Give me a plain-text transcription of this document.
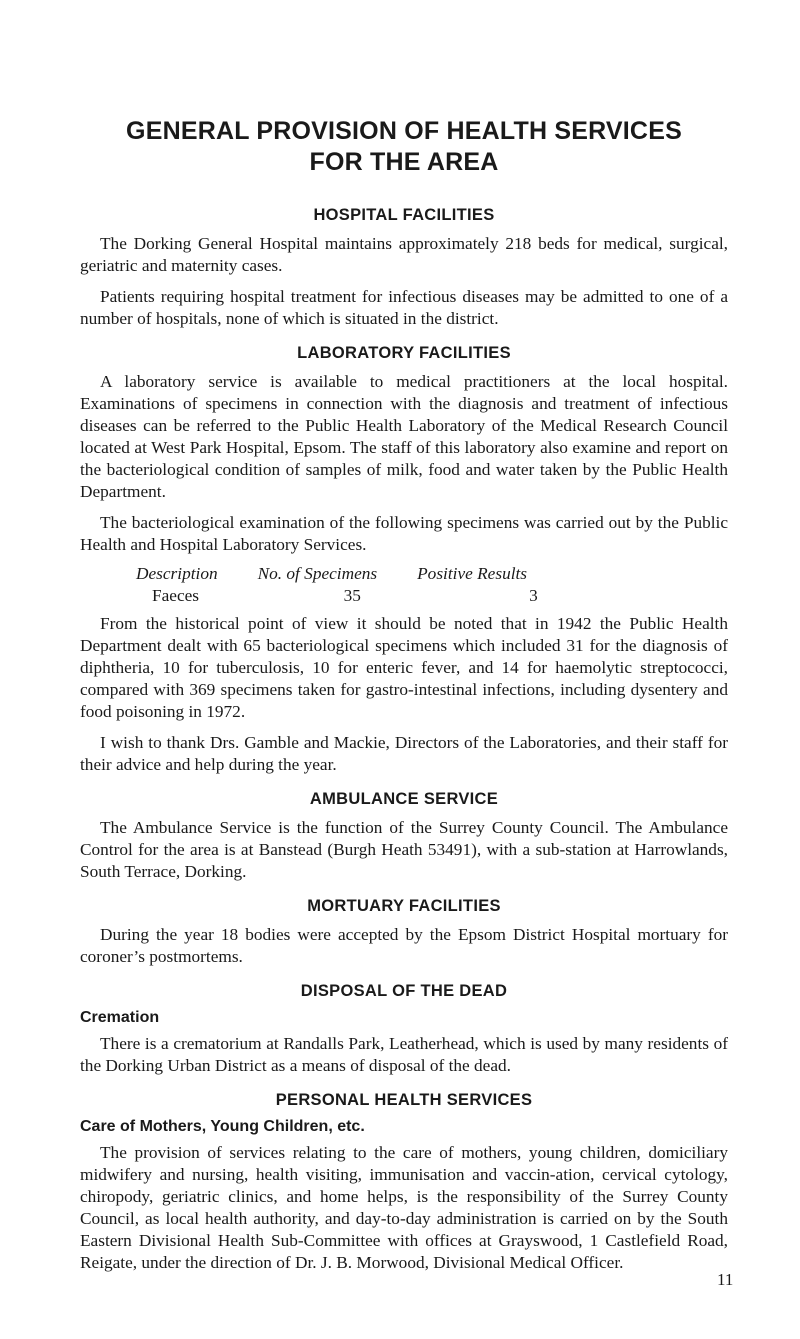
GENERAL PROVISION OF HEALTH SERVICES
FOR THE AREA
HOSPITAL FACILITIES

The Dorking General Hospital maintains approximately 218 beds for medical, surgical, geriatric and maternity cases.

Patients requiring hospital treatment for infectious diseases may be admitted to one of a number of hospitals, none of which is situated in the district.

LABORATORY FACILITIES

A laboratory service is available to medical practitioners at the local hospital. Examinations of specimens in connection with the diagnosis and treatment of infectious diseases can be referred to the Public Health Laboratory of the Medical Research Council located at West Park Hospital, Epsom. The staff of this laboratory also examine and report on the bacteriological condition of samples of milk, food and water taken by the Public Health Department.

The bacteriological examination of the following specimens was carried out by the Public Health and Hospital Laboratory Services.

Description	No. of Specimens	Positive Results
Faeces	35	3

From the historical point of view it should be noted that in 1942 the Public Health Department dealt with 65 bacteriological specimens which included 31 for the diagnosis of diphtheria, 10 for tuberculosis, 10 for enteric fever, and 14 for haemolytic streptococci, compared with 369 specimens taken for gastro-intestinal infections, including dysentery and food poisoning in 1972.

I wish to thank Drs. Gamble and Mackie, Directors of the Laboratories, and their staff for their advice and help during the year.

AMBULANCE SERVICE

The Ambulance Service is the function of the Surrey County Council. The Ambulance Control for the area is at Banstead (Burgh Heath 53491), with a sub-station at Harrowlands, South Terrace, Dorking.

MORTUARY FACILITIES

During the year 18 bodies were accepted by the Epsom District Hospital mortuary for coroner’s postmortems.

DISPOSAL OF THE DEAD
Cremation

There is a crematorium at Randalls Park, Leatherhead, which is used by many residents of the Dorking Urban District as a means of disposal of the dead.

PERSONAL HEALTH SERVICES
Care of Mothers, Young Children, etc.

The provision of services relating to the care of mothers, young children, domiciliary midwifery and nursing, health visiting, immunisation and vaccin-ation, cervical cytology, chiropody, geriatric clinics, and home helps, is the responsibility of the Surrey County Council, as local health authority, and day-to-day administration is carried on by the South Eastern Divisional Health Sub-Committee with offices at Grayswood, 1 Castlefield Road, Reigate, under the direction of Dr. J. B. Morwood, Divisional Medical Officer.

11
